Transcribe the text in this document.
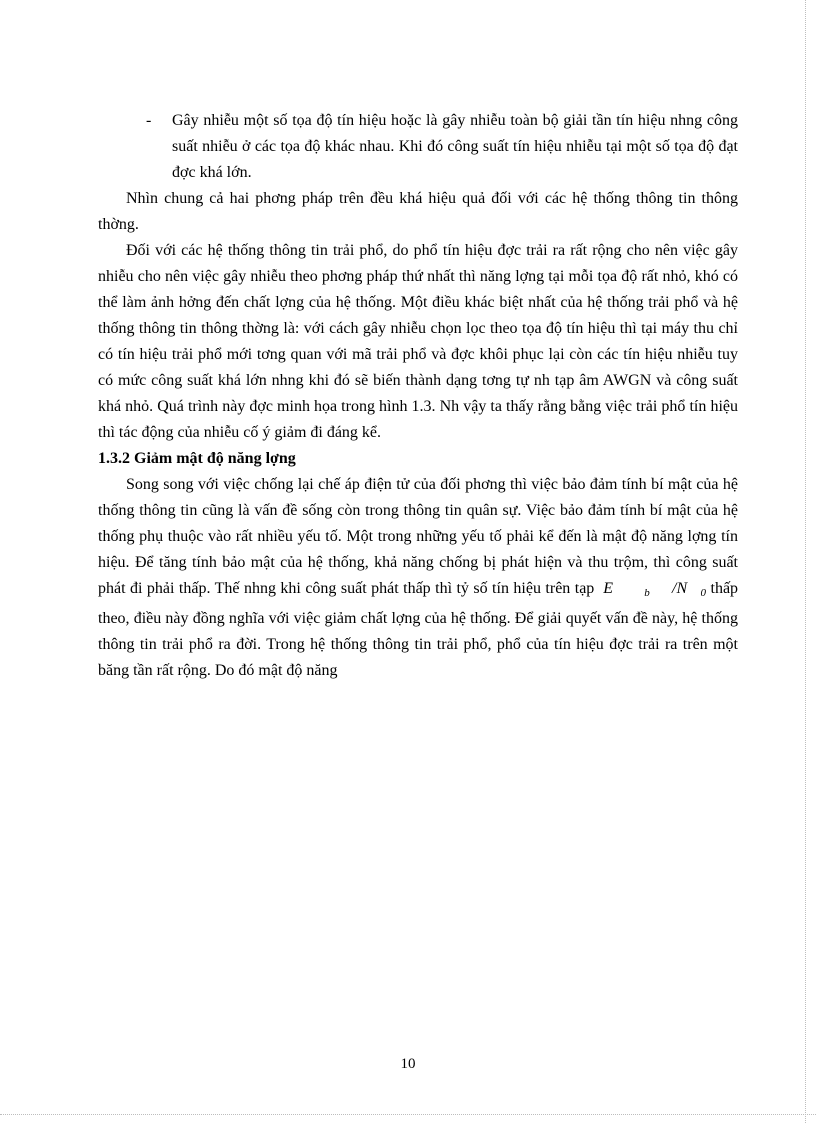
- Gây nhiễu một số tọa độ tín hiệu hoặc là gây nhiễu toàn bộ giải tần tín hiệu nhng công suất nhiễu ở các tọa độ khác nhau. Khi đó công suất tín hiệu nhiễu tại một số tọa độ đạt đợc khá lớn.
Nhìn chung cả hai phơng pháp trên đều khá hiệu quả đối với các hệ thống thông tin thông thờng.
Đối với các hệ thống thông tin trải phổ, do phổ tín hiệu đợc trải ra rất rộng cho nên việc gây nhiễu cho nên việc gây nhiễu theo phơng pháp thứ nhất thì năng lợng tại mỗi tọa độ rất nhỏ, khó có thể làm ảnh hởng đến chất lợng của hệ thống. Một điều khác biệt nhất của hệ thống trải phổ và hệ thống thông tin thông thờng là: với cách gây nhiễu chọn lọc theo tọa độ tín hiệu thì tại máy thu chỉ có tín hiệu trải phổ mới tơng quan với mã trải phổ và đợc khôi phục lại còn các tín hiệu nhiễu tuy có mức công suất khá lớn nhng khi đó sẽ biến thành dạng tơng tự nh tạp âm AWGN và công suất khá nhỏ. Quá trình này đợc minh họa trong hình 1.3. Nh vậy ta thấy rằng bằng việc trải phổ tín hiệu thì tác động của nhiễu cố ý giảm đi đáng kể.
1.3.2 Giảm mật độ năng lợng
Song song với việc chống lại chế áp điện tử của đối phơng thì việc bảo đảm tính bí mật của hệ thống thông tin cũng là vấn đề sống còn trong thông tin quân sự. Việc bảo đảm tính bí mật của hệ thống phụ thuộc vào rất nhiều yếu tố. Một trong những yếu tố phải kể đến là mật độ năng lợng tín hiệu. Để tăng tính bảo mật của hệ thống, khả năng chống bị phát hiện và thu trộm, thì công suất phát đi phải thấp. Thế nhng khi công suất phát thấp thì tỷ số tín hiệu trên tạp E	b /N 0 thấp theo, điều này đồng nghĩa với việc giảm chất lợng của hệ thống. Để giải quyết vấn đề này, hệ thống thông tin trải phổ ra đời. Trong hệ thống thông tin trải phổ, phổ của tín hiệu đợc trải ra trên một băng tần rất rộng. Do đó mật độ năng
10
